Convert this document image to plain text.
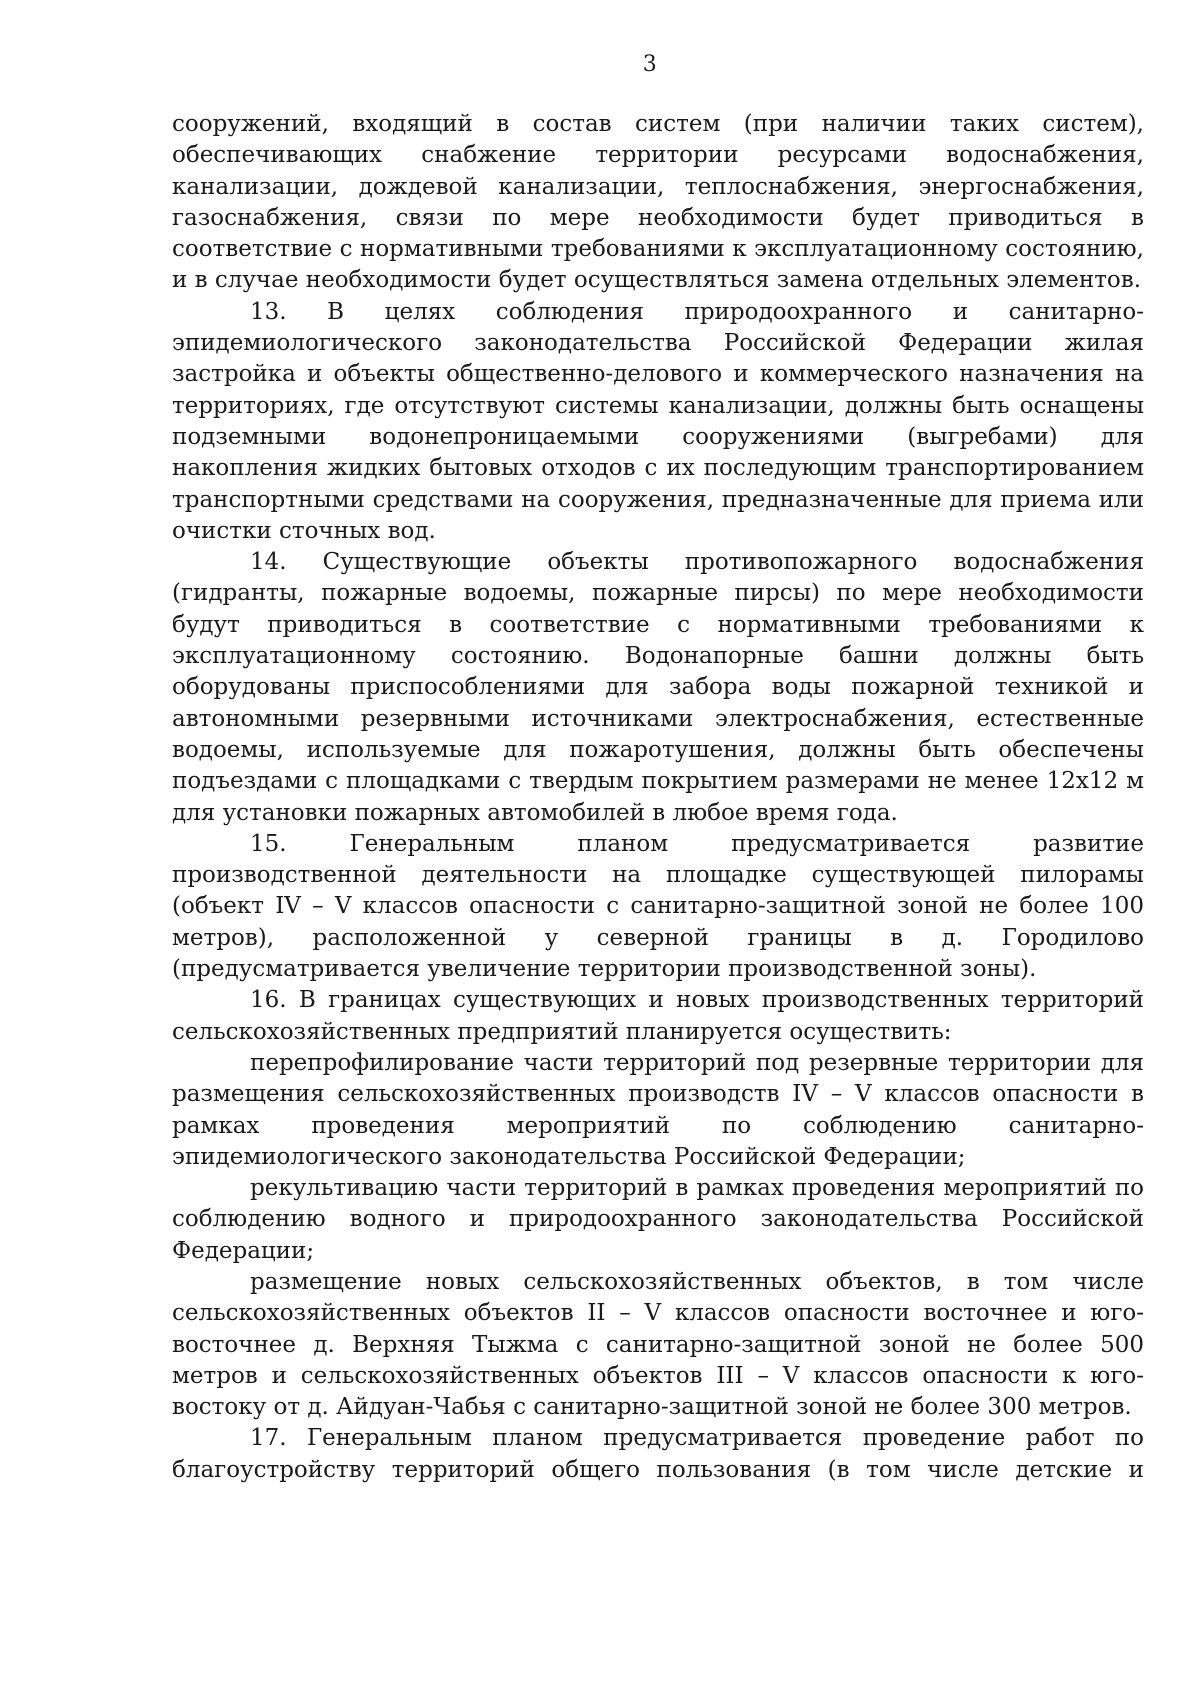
3

сооружений, входящий в состав систем (при наличии таких систем), обеспечивающих снабжение территории ресурсами водоснабжения, канализации, дождевой канализации, теплоснабжения, энергоснабжения, газоснабжения, связи по мере необходимости будет приводиться в соответствие с нормативными требованиями к эксплуатационному состоянию, и в случае необходимости будет осуществляться замена отдельных элементов.

13. В целях соблюдения природоохранного и санитарно-эпидемиологического законодательства Российской Федерации жилая застройка и объекты общественно-делового и коммерческого назначения на территориях, где отсутствуют системы канализации, должны быть оснащены подземными водонепроницаемыми сооружениями (выгребами) для накопления жидких бытовых отходов с их последующим транспортированием транспортными средствами на сооружения, предназначенные для приема или очистки сточных вод.

14. Существующие объекты противопожарного водоснабжения (гидранты, пожарные водоемы, пожарные пирсы) по мере необходимости будут приводиться в соответствие с нормативными требованиями к эксплуатационному состоянию. Водонапорные башни должны быть оборудованы приспособлениями для забора воды пожарной техникой и автономными резервными источниками электроснабжения, естественные водоемы, используемые для пожаротушения, должны быть обеспечены подъездами с площадками с твердым покрытием размерами не менее 12х12 м для установки пожарных автомобилей в любое время года.

15. Генеральным планом предусматривается развитие производственной деятельности на площадке существующей пилорамы (объект IV – V классов опасности с санитарно-защитной зоной не более 100 метров), расположенной у северной границы в д. Городилово (предусматривается увеличение территории производственной зоны).

16. В границах существующих и новых производственных территорий сельскохозяйственных предприятий планируется осуществить:

перепрофилирование части территорий под резервные территории для размещения сельскохозяйственных производств IV – V классов опасности в рамках проведения мероприятий по соблюдению санитарно-эпидемиологического законодательства Российской Федерации;

рекультивацию части территорий в рамках проведения мероприятий по соблюдению водного и природоохранного законодательства Российской Федерации;

размещение новых сельскохозяйственных объектов, в том числе сельскохозяйственных объектов II – V классов опасности восточнее и юго-восточнее д. Верхняя Тыжма с санитарно-защитной зоной не более 500 метров и сельскохозяйственных объектов III – V классов опасности к юго-востоку от д. Айдуан-Чабья с санитарно-защитной зоной не более 300 метров.

17. Генеральным планом предусматривается проведение работ по благоустройству территорий общего пользования (в том числе детские и
